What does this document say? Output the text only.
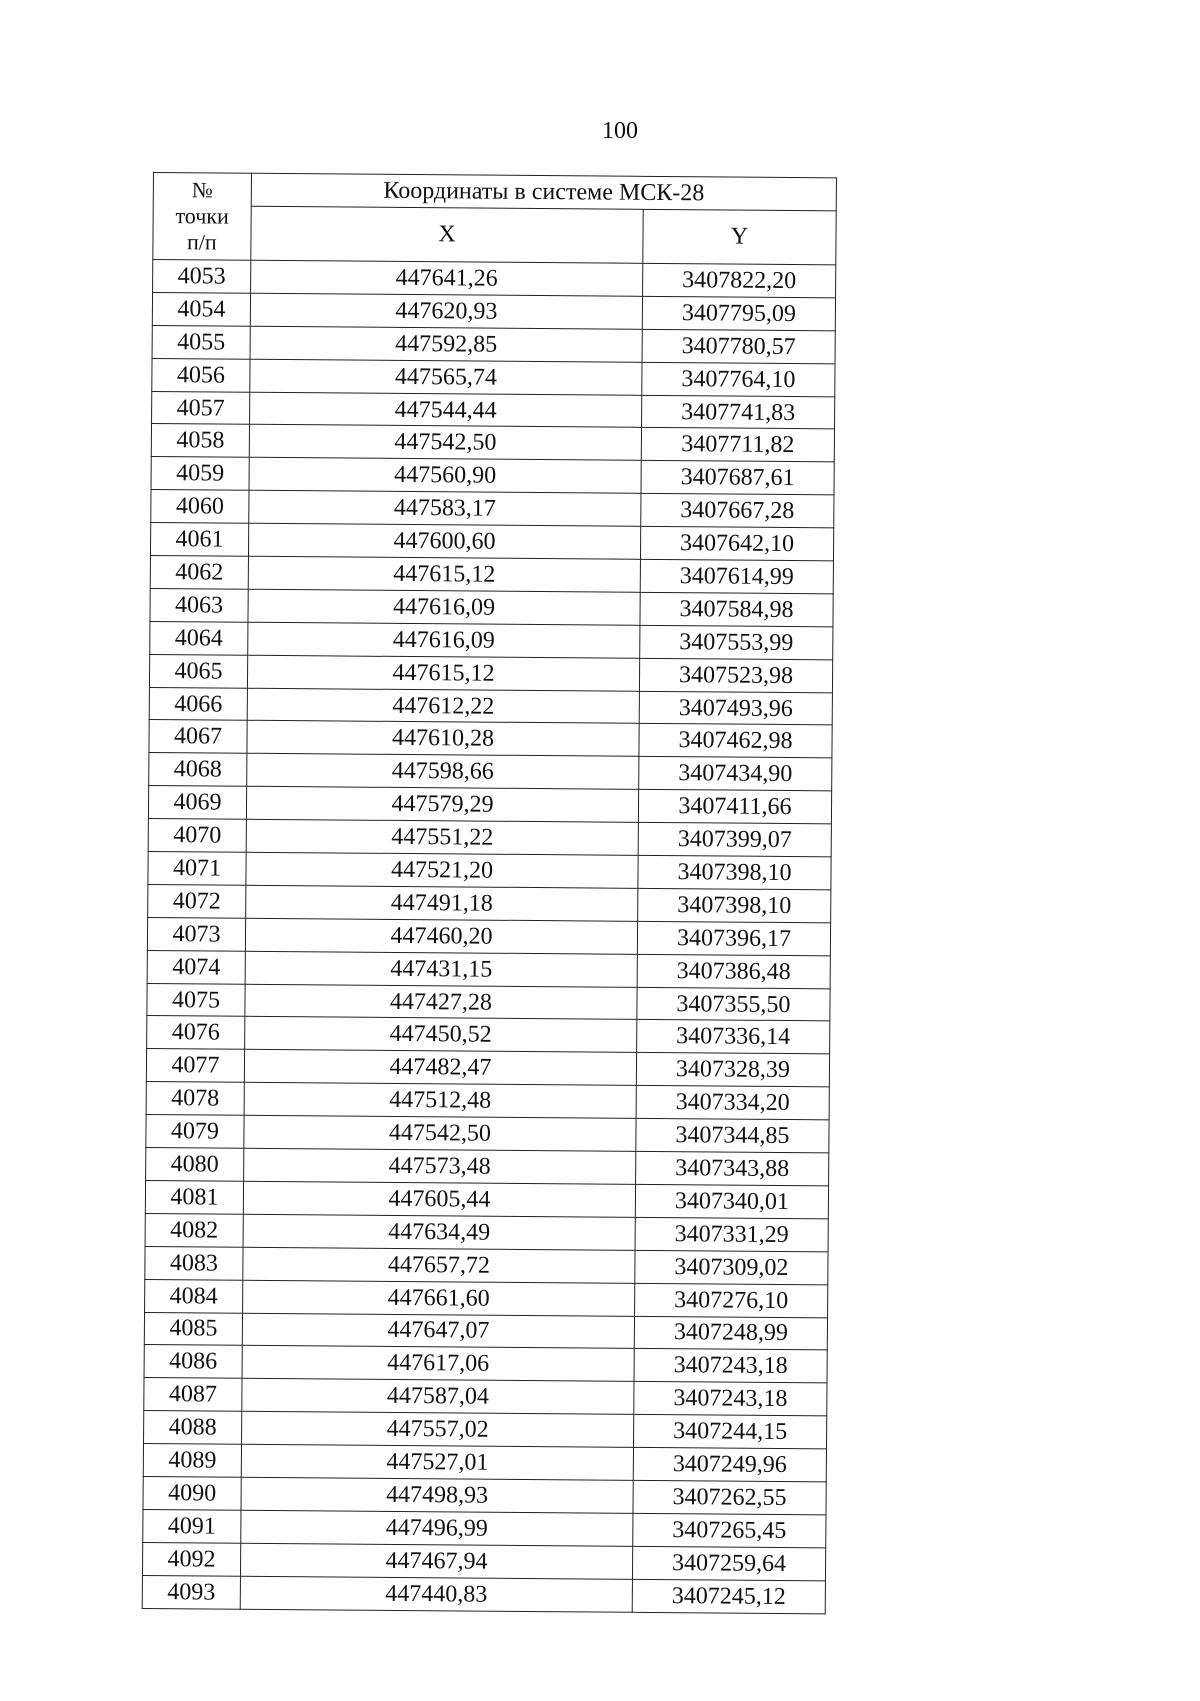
100
№
точки
п/п	Координаты в системе МСК-28	
	X	Y
4053	447641,26	3407822,20
4054	447620,93	3407795,09
4055	447592,85	3407780,57
4056	447565,74	3407764,10
4057	447544,44	3407741,83
4058	447542,50	3407711,82
4059	447560,90	3407687,61
4060	447583,17	3407667,28
4061	447600,60	3407642,10
4062	447615,12	3407614,99
4063	447616,09	3407584,98
4064	447616,09	3407553,99
4065	447615,12	3407523,98
4066	447612,22	3407493,96
4067	447610,28	3407462,98
4068	447598,66	3407434,90
4069	447579,29	3407411,66
4070	447551,22	3407399,07
4071	447521,20	3407398,10
4072	447491,18	3407398,10
4073	447460,20	3407396,17
4074	447431,15	3407386,48
4075	447427,28	3407355,50
4076	447450,52	3407336,14
4077	447482,47	3407328,39
4078	447512,48	3407334,20
4079	447542,50	3407344,85
4080	447573,48	3407343,88
4081	447605,44	3407340,01
4082	447634,49	3407331,29
4083	447657,72	3407309,02
4084	447661,60	3407276,10
4085	447647,07	3407248,99
4086	447617,06	3407243,18
4087	447587,04	3407243,18
4088	447557,02	3407244,15
4089	447527,01	3407249,96
4090	447498,93	3407262,55
4091	447496,99	3407265,45
4092	447467,94	3407259,64
4093	447440,83	3407245,12
